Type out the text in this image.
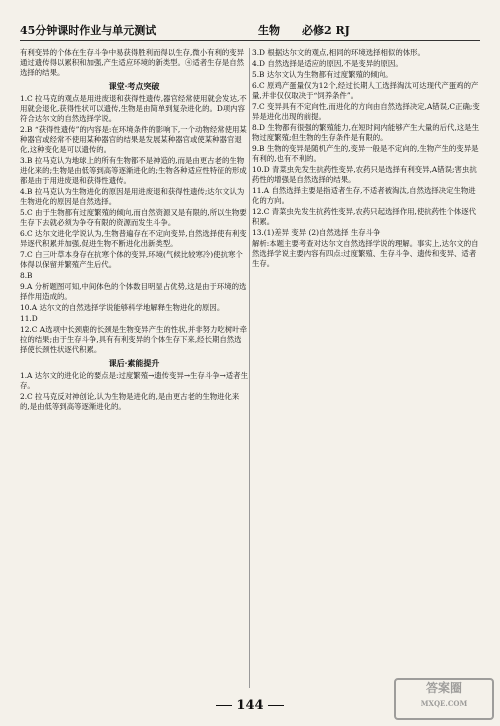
45分钟课时作业与单元测试	生物 必修2 RJ
有利变异的个体在生存斗争中易获得胜利而得以生存,微小有利的变异通过遗传得以累积和加强,产生适应环境的新类型。④适者生存是自然选择的结果。
课堂·考点突破
1.C 拉马克的观点是用进废退和获得性遗传,器官经常使用就会发达,不用就会退化,获得性状可以遗传,生物是由简单到复杂进化的。D项内容符合达尔文的自然选择学说。
2.B “获得性遗传”的内容是:在环境条件的影响下,一个动物经常使用某种器官或经常不使用某种器官的结果是发展某种器官或使某种器官退化,这种变化是可以遗传的。
3.B 拉马克认为地球上的所有生物都不是神造的,而是由更古老的生物进化来的;生物是由低等到高等逐渐进化的;生物各种适应性特征的形成都是由于用进废退和获得性遗传。
4.B 拉马克认为生物进化的原因是用进废退和获得性遗传;达尔文认为生物进化的原因是自然选择。
5.C 由于生物都有过度繁殖的倾向,而自然资源又是有限的,所以生物要生存下去就必须为争夺有限的资源而发生斗争。
6.C 达尔文进化学说认为,生物普遍存在不定向变异,自然选择使有利变异逐代积累并加强,促进生物不断进化出新类型。
7.C 白三叶草本身存在抗寒个体的变异,环境(气候比较寒冷)使抗寒个体得以保留并繁殖产生后代。
8.B
9.A 分析题图可知,中间体色的个体数目明显占优势,这是由于环境的选择作用造成的。
10.A 达尔文的自然选择学说能够科学地解释生物进化的原因。
11.D
12.C A选项中长颈鹿的长颈是生物变异产生的性状,并非努力吃树叶牵拉的结果;由于生存斗争,具有有利变异的个体生存下来,经长期自然选择使长颈性状逐代积累。
课后·素能提升
1.A 达尔文的进化论的要点是:过度繁殖→遗传变异→生存斗争→适者生存。
2.C 拉马克反对神创论,认为生物是进化的,是由更古老的生物进化来的,是由低等到高等逐渐进化的。
3.D 根据达尔文的观点,相同的环境选择相似的体形。
4.D 自然选择是适应的原因,不是变异的原因。
5.B 达尔文认为生物都有过度繁殖的倾向。
6.C 原鸡产蛋量仅为12个,经过长期人工选择淘汰可达现代产蛋鸡的产量,并非仅仅取决于“饲养条件”。
7.C 变异具有不定向性,而进化的方向由自然选择决定,A错误,C正确;变异是进化出现的前提。
8.D 生物都有很强的繁殖能力,在短时间内能够产生大量的后代,这是生物过度繁殖;但生物的生存条件是有限的。
9.B 生物的变异是随机产生的,变异一般是不定向的,生物产生的变异是有利的,也有不利的。
10.D 青菜虫先发生抗药性变异,农药只是选择有利变异,A错误;害虫抗药性的增强是自然选择的结果。
11.A 自然选择主要是指适者生存,不适者被淘汰,自然选择决定生物进化的方向。
12.C 青菜虫先发生抗药性变异,农药只起选择作用,使抗药性个体逐代积累。
13.(1)差异 变异 (2)自然选择 生存斗争
解析:本题主要考查对达尔文自然选择学说的理解。事实上,达尔文的自然选择学说主要内容有四点:过度繁殖、生存斗争、遗传和变异、适者生存。
144
答案圈
MXQE.COM
